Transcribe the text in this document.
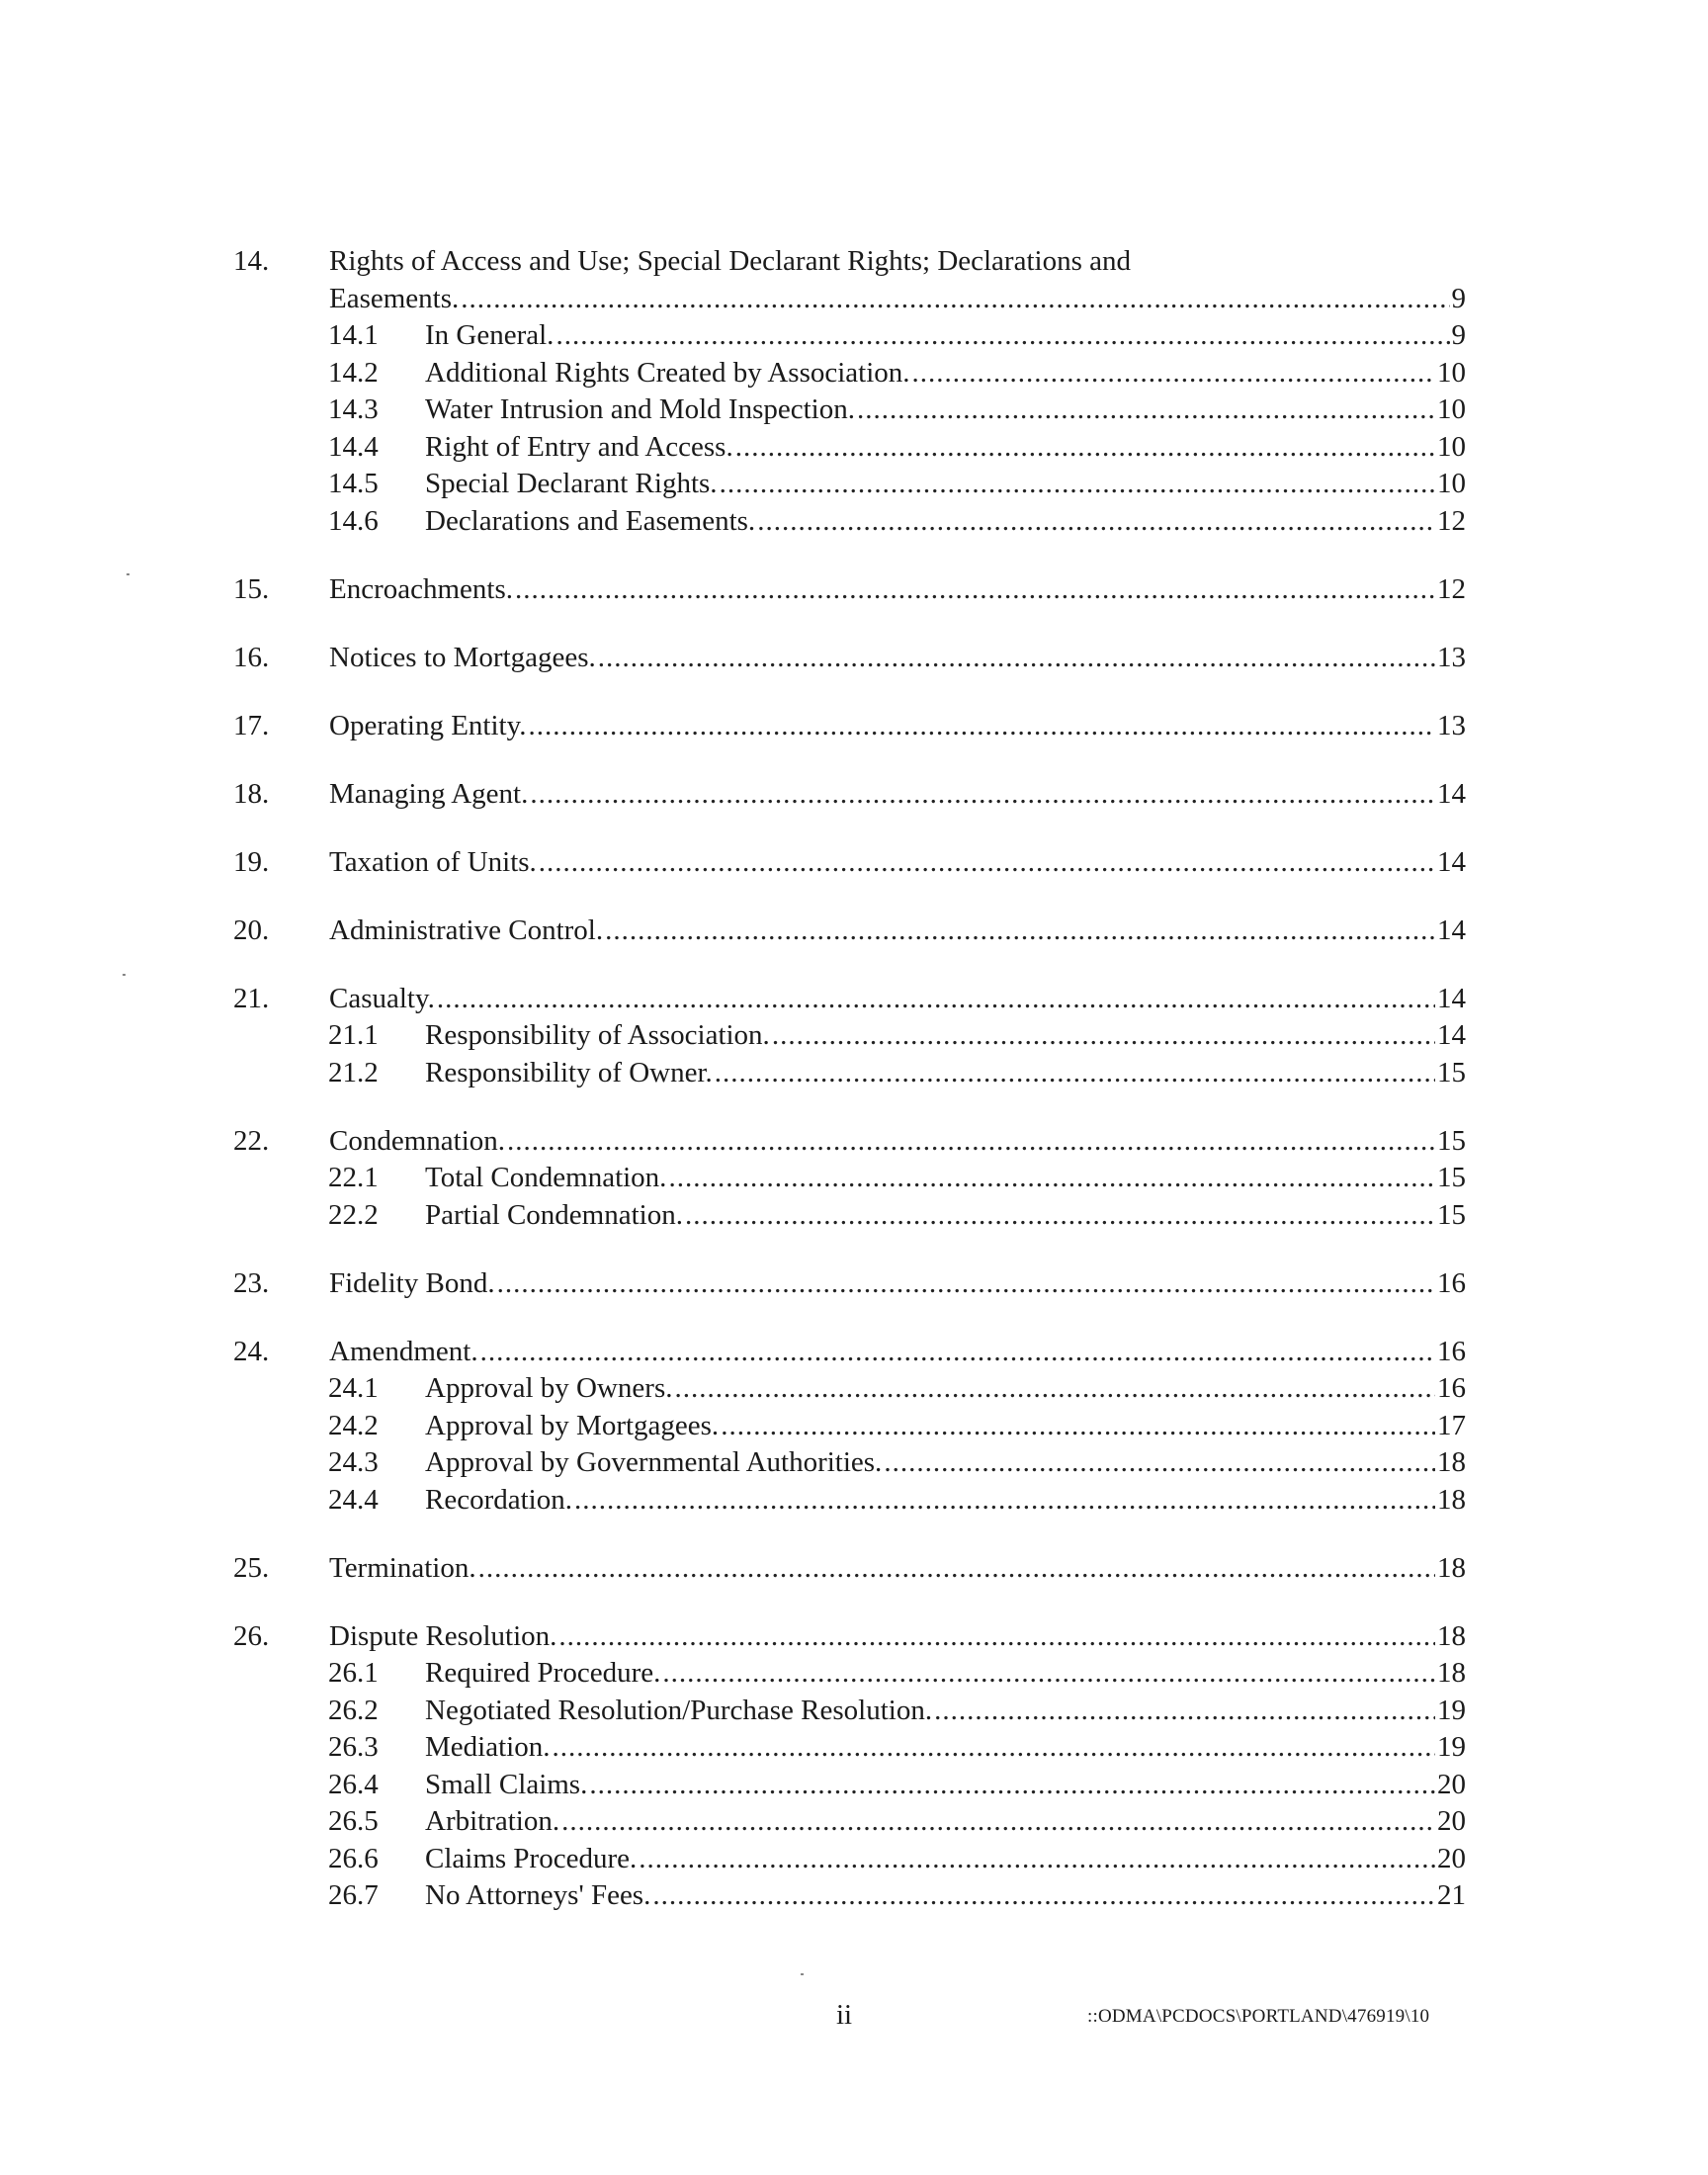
14.	Rights of Access and Use; Special Declarant Rights; Declarations and
Easements. .....	9
14.1	In General. .....	9
14.2	Additional Rights Created by Association. .....	10
14.3	Water Intrusion and Mold Inspection. .....	10
14.4	Right of Entry and Access. .....	10
14.5	Special Declarant Rights. .....	10
14.6	Declarations and Easements. .....	12
15.	Encroachments. .....	12
16.	Notices to Mortgagees. .....	13
17.	Operating Entity. .....	13
18.	Managing Agent. .....	14
19.	Taxation of Units. .....	14
20.	Administrative Control. .....	14
21.	Casualty. .....	14
21.1	Responsibility of Association. .....	14
21.2	Responsibility of Owner. .....	15
22.	Condemnation. .....	15
22.1	Total Condemnation. .....	15
22.2	Partial Condemnation. .....	15
23.	Fidelity Bond. .....	16
24.	Amendment. .....	16
24.1	Approval by Owners. .....	16
24.2	Approval by Mortgagees. .....	17
24.3	Approval by Governmental Authorities. .....	18
24.4	Recordation. .....	18
25.	Termination. .....	18
26.	Dispute Resolution. .....	18
26.1	Required Procedure. .....	18
26.2	Negotiated Resolution/Purchase Resolution. .....	19
26.3	Mediation. .....	19
26.4	Small Claims. .....	20
26.5	Arbitration. .....	20
26.6	Claims Procedure. .....	20
26.7	No Attorneys' Fees. .....	21
ii	::ODMA\PCDOCS\PORTLAND\476919\10
